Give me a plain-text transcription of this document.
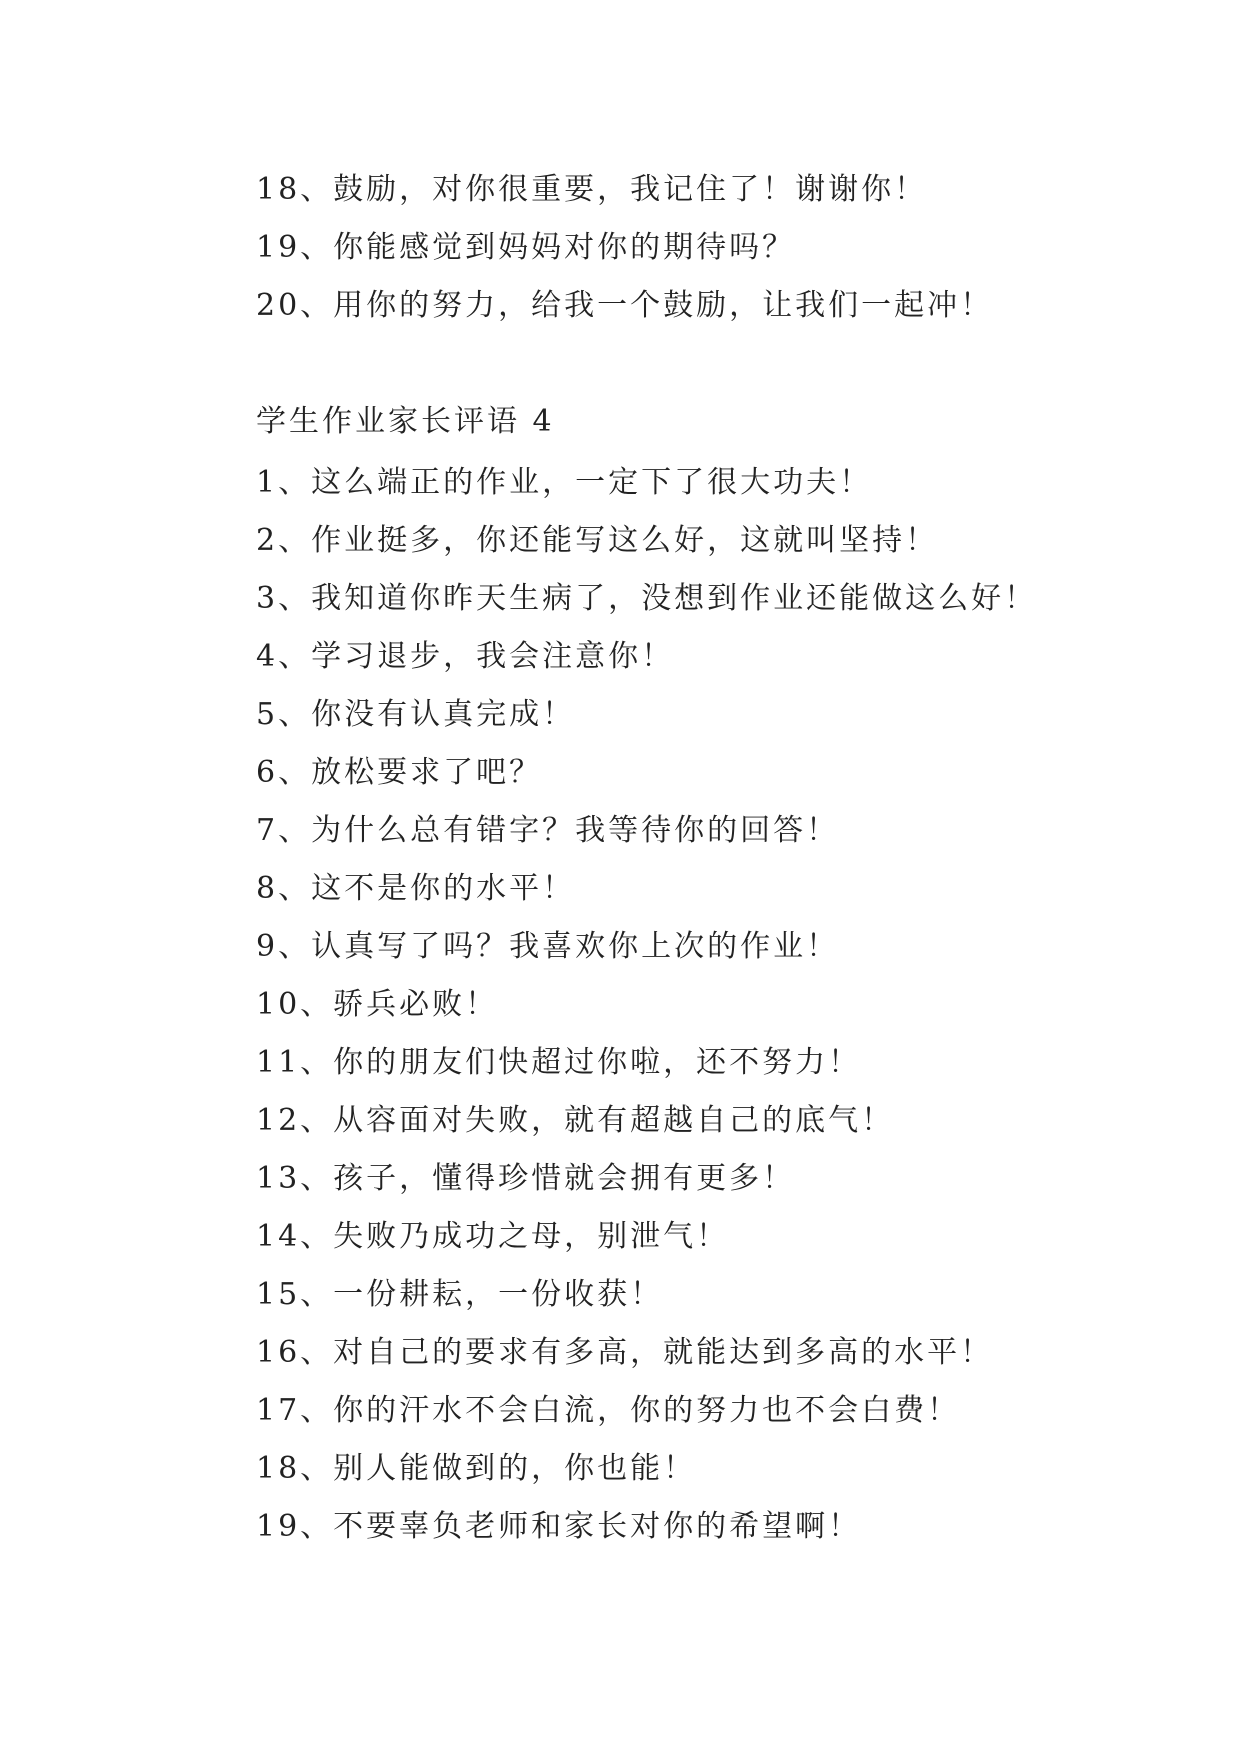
18、鼓励，对你很重要，我记住了！谢谢你！
19、你能感觉到妈妈对你的期待吗？
20、用你的努力，给我一个鼓励，让我们一起冲！
学生作业家长评语 4
1、这么端正的作业，一定下了很大功夫！
2、作业挺多，你还能写这么好，这就叫坚持！
3、我知道你昨天生病了，没想到作业还能做这么好！
4、学习退步，我会注意你！
5、你没有认真完成！
6、放松要求了吧？
7、为什么总有错字？我等待你的回答！
8、这不是你的水平！
9、认真写了吗？我喜欢你上次的作业！
10、骄兵必败！
11、你的朋友们快超过你啦，还不努力！
12、从容面对失败，就有超越自己的底气！
13、孩子，懂得珍惜就会拥有更多！
14、失败乃成功之母，别泄气！
15、一份耕耘，一份收获！
16、对自己的要求有多高，就能达到多高的水平！
17、你的汗水不会白流，你的努力也不会白费！
18、别人能做到的，你也能！
19、不要辜负老师和家长对你的希望啊！
